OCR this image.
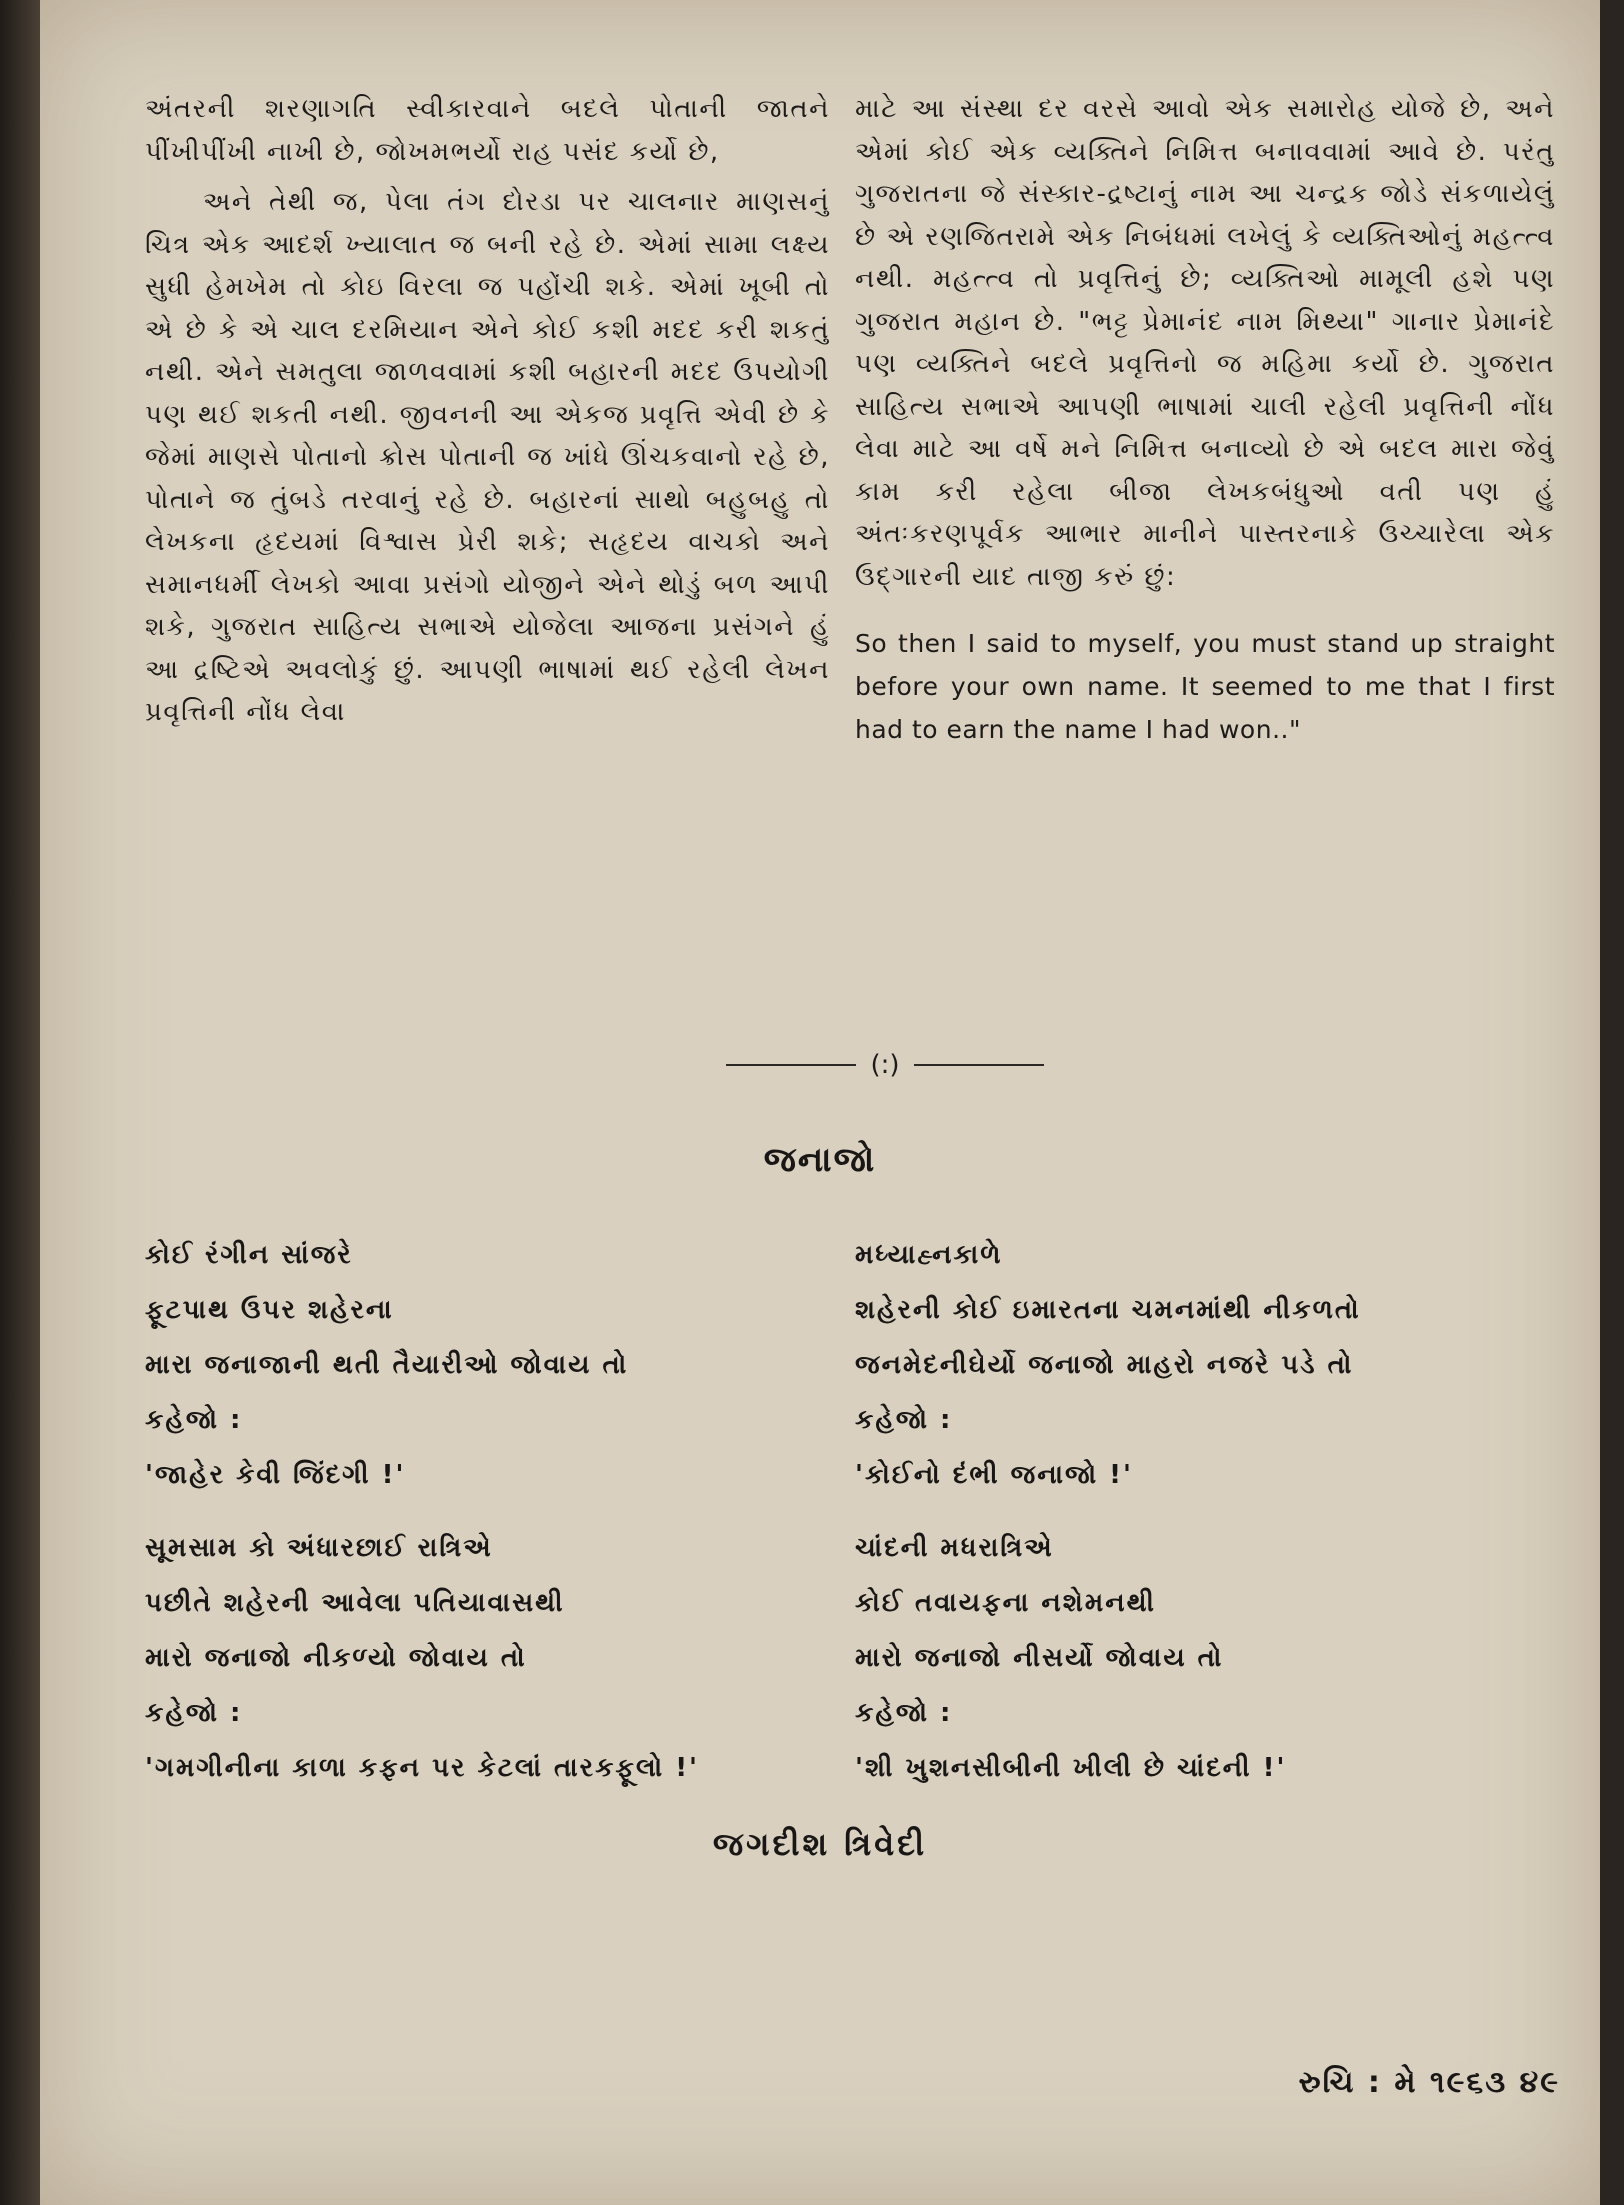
અંતરની શરણાગતિ સ્વીકારવાને બદલે પોતાની જાતને પીંખીપીંખી નાખી છે, જોખમભર્યો રાહ પસંદ કર્યો છે,

અને તેથી જ, પેલા તંગ દોરડા પર ચાલનાર માણસનું ચિત્ર એક આદર્શ ખ્યાલાત જ બની રહે છે. એમાં સામા લક્ષ્ય સુધી હેમખેમ તો કોઇ વિરલા જ પહોંચી શકે. એમાં ખૂબી તો એ છે કે એ ચાલ દરમિયાન એને કોઈ કશી મદદ કરી શકતું નથી. એને સમતુલા જાળવવામાં કશી બહારની મદદ ઉપયોગી પણ થઈ શકતી નથી. જીવનની આ એકજ પ્રવૃત્તિ એવી છે કે જેમાં માણસે પોતાનો ક્રોસ પોતાની જ ખાંધે ઊંચકવાનો રહે છે, પોતાને જ તુંબડે તરવાનું રહે છે. બહારનાં સાથો બહુબહુ તો લેખકના હૃદયમાં વિશ્વાસ પ્રેરી શકે; સહૃદય વાચકો અને સમાનધર્મી લેખકો આવા પ્રસંગો યોજીને એને થોડું બળ આપી શકે, ગુજરાત સાહિત્ય સભાએ યોજેલા આજના પ્રસંગને હું આ દ્રષ્ટિએ અવલોકું છું. આપણી ભાષામાં થઈ રહેલી લેખન પ્રવૃત્તિની નોંધ લેવા

માટે આ સંસ્થા દર વરસે આવો એક સમારોહ યોજે છે, અને એમાં કોઈ એક વ્યક્તિને નિમિત્ત બનાવવામાં આવે છે. પરંતુ ગુજરાતના જે સંસ્કાર-દ્રષ્ટાનું નામ આ ચન્દ્રક જોડે સંકળાયેલું છે એ રણજિતરામે એક નિબંધમાં લખેલું કે વ્યક્તિઓનું મહત્ત્વ નથી. મહત્ત્વ તો પ્રવૃત્તિનું છે; વ્યક્તિઓ મામૂલી હશે પણ ગુજરાત મહાન છે. "ભટ્ટ પ્રેમાનંદ નામ મિથ્યા" ગાનાર પ્રેમાનંદે પણ વ્યક્તિને બદલે પ્રવૃત્તિનો જ મહિમા કર્યો છે. ગુજરાત સાહિત્ય સભાએ આપણી ભાષામાં ચાલી રહેલી પ્રવૃત્તિની નોંધ લેવા માટે આ વર્ષે મને નિમિત્ત બનાવ્યો છે એ બદલ મારા જેવું કામ કરી રહેલા બીજા લેખકબંધુઓ વતી પણ હું અંતઃકરણપૂર્વક આભાર માનીને પાસ્તરનાકે ઉચ્ચારેલા એક ઉદ્ગારની યાદ તાજી કરું છું:

So then I said to myself, you must stand up straight before your own name. It seemed to me that I first had to earn the name I had won.."

(:)
જનાજો
કોઈ રંગીન સાંજરે
ફૂટપાથ ઉપર શહેરના
મારા જનાજાની થતી તૈયારીઓ જોવાય તો
કહેજો :
'જાહેર કેવી જિંદગી !'
સૂમસામ કો અંધારછાઈ રાત્રિએ
પછીતે શહેરની આવેલા પતિયાવાસથી
મારો જનાજો નીકળ્યો જોવાય તો
કહેજો :
'ગમગીનીના કાળા કફન પર કેટલાં તારકફૂલો !'
મધ્યાહ્નકાળે
શહેરની કોઈ ઇમારતના ચમનમાંથી નીકળતો
જનમેદનીઘેર્યો જનાજો માહરો નજરે પડે તો
કહેજો :
'કોઈનો દંભી જનાજો !'
ચાંદની મધરાત્રિએ
કોઈ તવાયફના નશેમનથી
મારો જનાજો નીસર્યો જોવાય તો
કહેજો :
'શી ખુશનસીબીની ખીલી છે ચાંદની !'
જગદીશ ત્રિવેદી
રુચિ : મે ૧૯૬૩ ૪૯
